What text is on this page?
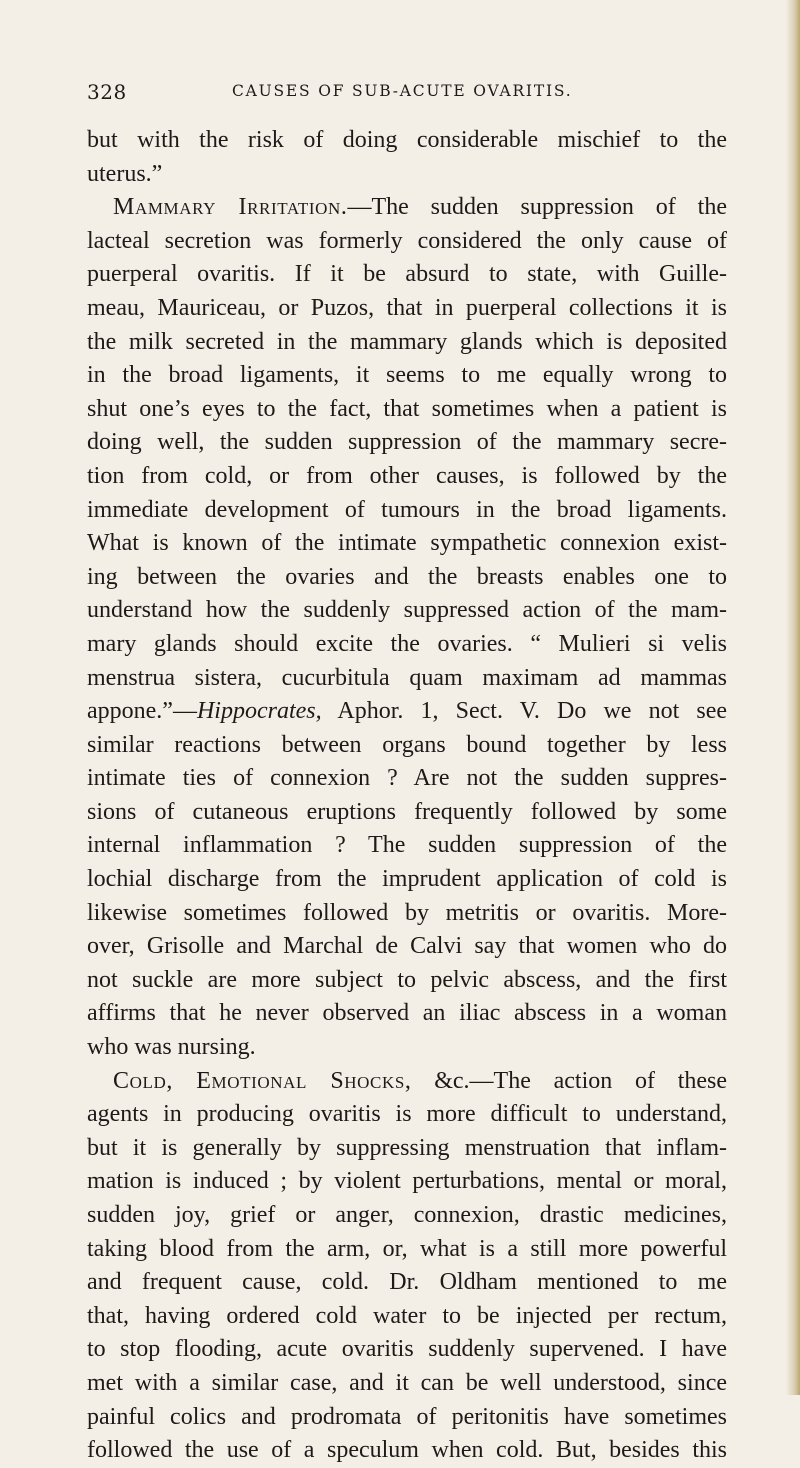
328	CAUSES OF SUB-ACUTE OVARITIS.
but with the risk of doing considerable mischief to the
uterus.”
Mammary Irritation.—The sudden suppression of the
lacteal secretion was formerly considered the only cause of
puerperal ovaritis. If it be absurd to state, with Guille-
meau, Mauriceau, or Puzos, that in puerperal collections it is
the milk secreted in the mammary glands which is deposited
in the broad ligaments, it seems to me equally wrong to
shut one’s eyes to the fact, that sometimes when a patient is
doing well, the sudden suppression of the mammary secre-
tion from cold, or from other causes, is followed by the
immediate development of tumours in the broad ligaments.
What is known of the intimate sympathetic connexion exist-
ing between the ovaries and the breasts enables one to
understand how the suddenly suppressed action of the mam-
mary glands should excite the ovaries. “ Mulieri si velis
menstrua sistera, cucurbitula quam maximam ad mammas
appone.”—Hippocrates, Aphor. 1, Sect. V. Do we not see
similar reactions between organs bound together by less
intimate ties of connexion ? Are not the sudden suppres-
sions of cutaneous eruptions frequently followed by some
internal inflammation ? The sudden suppression of the
lochial discharge from the imprudent application of cold is
likewise sometimes followed by metritis or ovaritis. More-
over, Grisolle and Marchal de Calvi say that women who do
not suckle are more subject to pelvic abscess, and the first
affirms that he never observed an iliac abscess in a woman
who was nursing.
Cold, Emotional Shocks, &c.—The action of these
agents in producing ovaritis is more difficult to understand,
but it is generally by suppressing menstruation that inflam-
mation is induced ; by violent perturbations, mental or moral,
sudden joy, grief or anger, connexion, drastic medicines,
taking blood from the arm, or, what is a still more powerful
and frequent cause, cold. Dr. Oldham mentioned to me
that, having ordered cold water to be injected per rectum,
to stop flooding, acute ovaritis suddenly supervened. I have
met with a similar case, and it can be well understood, since
painful colics and prodromata of peritonitis have sometimes
followed the use of a speculum when cold. But, besides this
